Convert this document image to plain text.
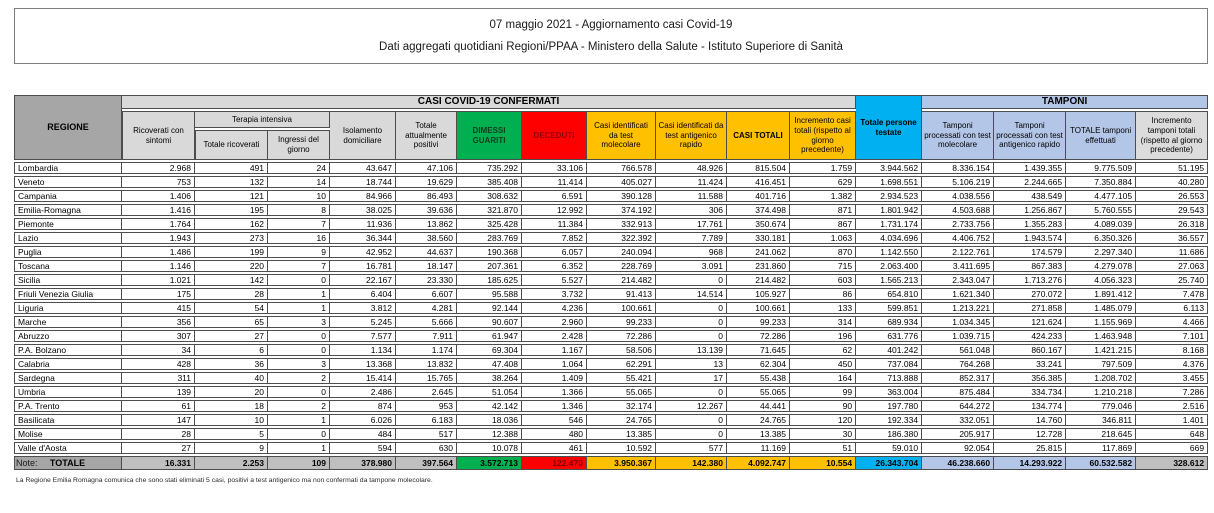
07 maggio 2021 - Aggiornamento casi Covid-19
Dati aggregati quotidiani Regioni/PPAA - Ministero della Salute - Istituto Superiore di Sanità
REGIONE	CASI COVID-19 CONFERMATI											Totale persone testate	TAMPONI			
	Ricoverati con sintomi	Terapia intensiva		Isolamento domiciliare	Totale attualmente positivi	DIMESSI GUARITI	DECEDUTI	Casi identificati da test molecolare	Casi identificati da test antigenico rapido	CASI TOTALI	Incremento casi totali (rispetto al giorno precedente)		Tamponi processati con test molecolare	Tamponi processati con test antigenico rapido	TOTALE tamponi effettuati	Incremento tamponi totali (rispetto al giorno precedente)
		Totale ricoverati	Ingressi del giorno													
Lombardia	2.968	491	24	43.647	47.106	735.292	33.106	766.578	48.926	815.504	1.759	3.944.562	8.336.154	1.439.355	9.775.509	51.195
Veneto	753	132	14	18.744	19.629	385.408	11.414	405.027	11.424	416.451	629	1.698.551	5.106.219	2.244.665	7.350.884	40.280
Campania	1.406	121	10	84.966	86.493	308.632	6.591	390.128	11.588	401.716	1.382	2.934.523	4.038.556	438.549	4.477.105	26.553
Emilia-Romagna	1.416	195	8	38.025	39.636	321.870	12.992	374.192	306	374.498	871	1.801.942	4.503.688	1.256.867	5.760.555	29.543
Piemonte	1.764	162	7	11.936	13.862	325.428	11.384	332.913	17.761	350.674	867	1.731.174	2.733.756	1.355.283	4.089.039	26.318
Lazio	1.943	273	16	36.344	38.560	283.769	7.852	322.392	7.789	330.181	1.063	4.034.696	4.406.752	1.943.574	6.350.326	36.557
Puglia	1.486	199	9	42.952	44.637	190.368	6.057	240.094	968	241.062	870	1.142.550	2.122.761	174.579	2.297.340	11.686
Toscana	1.146	220	7	16.781	18.147	207.361	6.352	228.769	3.091	231.860	715	2.063.400	3.411.695	867.383	4.279.078	27.063
Sicilia	1.021	142	0	22.167	23.330	185.625	5.527	214.482	0	214.482	603	1.565.213	2.343.047	1.713.276	4.056.323	25.740
Friuli Venezia Giulia	175	28	1	6.404	6.607	95.588	3.732	91.413	14.514	105.927	86	654.810	1.621.340	270.072	1.891.412	7.478
Liguria	415	54	1	3.812	4.281	92.144	4.236	100.661	0	100.661	133	599.851	1.213.221	271.858	1.485.079	6.113
Marche	356	65	3	5.245	5.666	90.607	2.960	99.233	0	99.233	314	689.934	1.034.345	121.624	1.155.969	4.466
Abruzzo	307	27	0	7.577	7.911	61.947	2.428	72.286	0	72.286	196	631.776	1.039.715	424.233	1.463.948	7.101
P.A. Bolzano	34	6	0	1.134	1.174	69.304	1.167	58.506	13.139	71.645	62	401.242	561.048	860.167	1.421.215	8.168
Calabria	428	36	3	13.368	13.832	47.408	1.064	62.291	13	62.304	450	737.084	764.268	33.241	797.509	4.376
Sardegna	311	40	2	15.414	15.765	38.264	1.409	55.421	17	55.438	164	713.888	852.317	356.385	1.208.702	3.455
Umbria	139	20	0	2.486	2.645	51.054	1.366	55.065	0	55.065	99	363.004	875.484	334.734	1.210.218	7.286
P.A. Trento	61	18	2	874	953	42.142	1.346	32.174	12.267	44.441	90	197.780	644.272	134.774	779.046	2.516
Basilicata	147	10	1	6.026	6.183	18.036	546	24.765	0	24.765	120	192.334	332.051	14.760	346.811	1.401
Molise	28	5	0	484	517	12.388	480	13.385	0	13.385	30	186.380	205.917	12.728	218.645	648
Valle d'Aosta	27	9	1	594	630	10.078	461	10.592	577	11.169	51	59.010	92.054	25.815	117.869	669
TOTALE	16.331	2.253	109	378.980	397.564	3.572.713	122.470	3.950.367	142.380	4.092.747	10.554	26.343.704	46.238.660	14.293.922	60.532.582	328.612
Note:
La Regione Emilia Romagna comunica che sono stati eliminati 5 casi, positivi a test antigenico ma non confermati da tampone molecolare.
